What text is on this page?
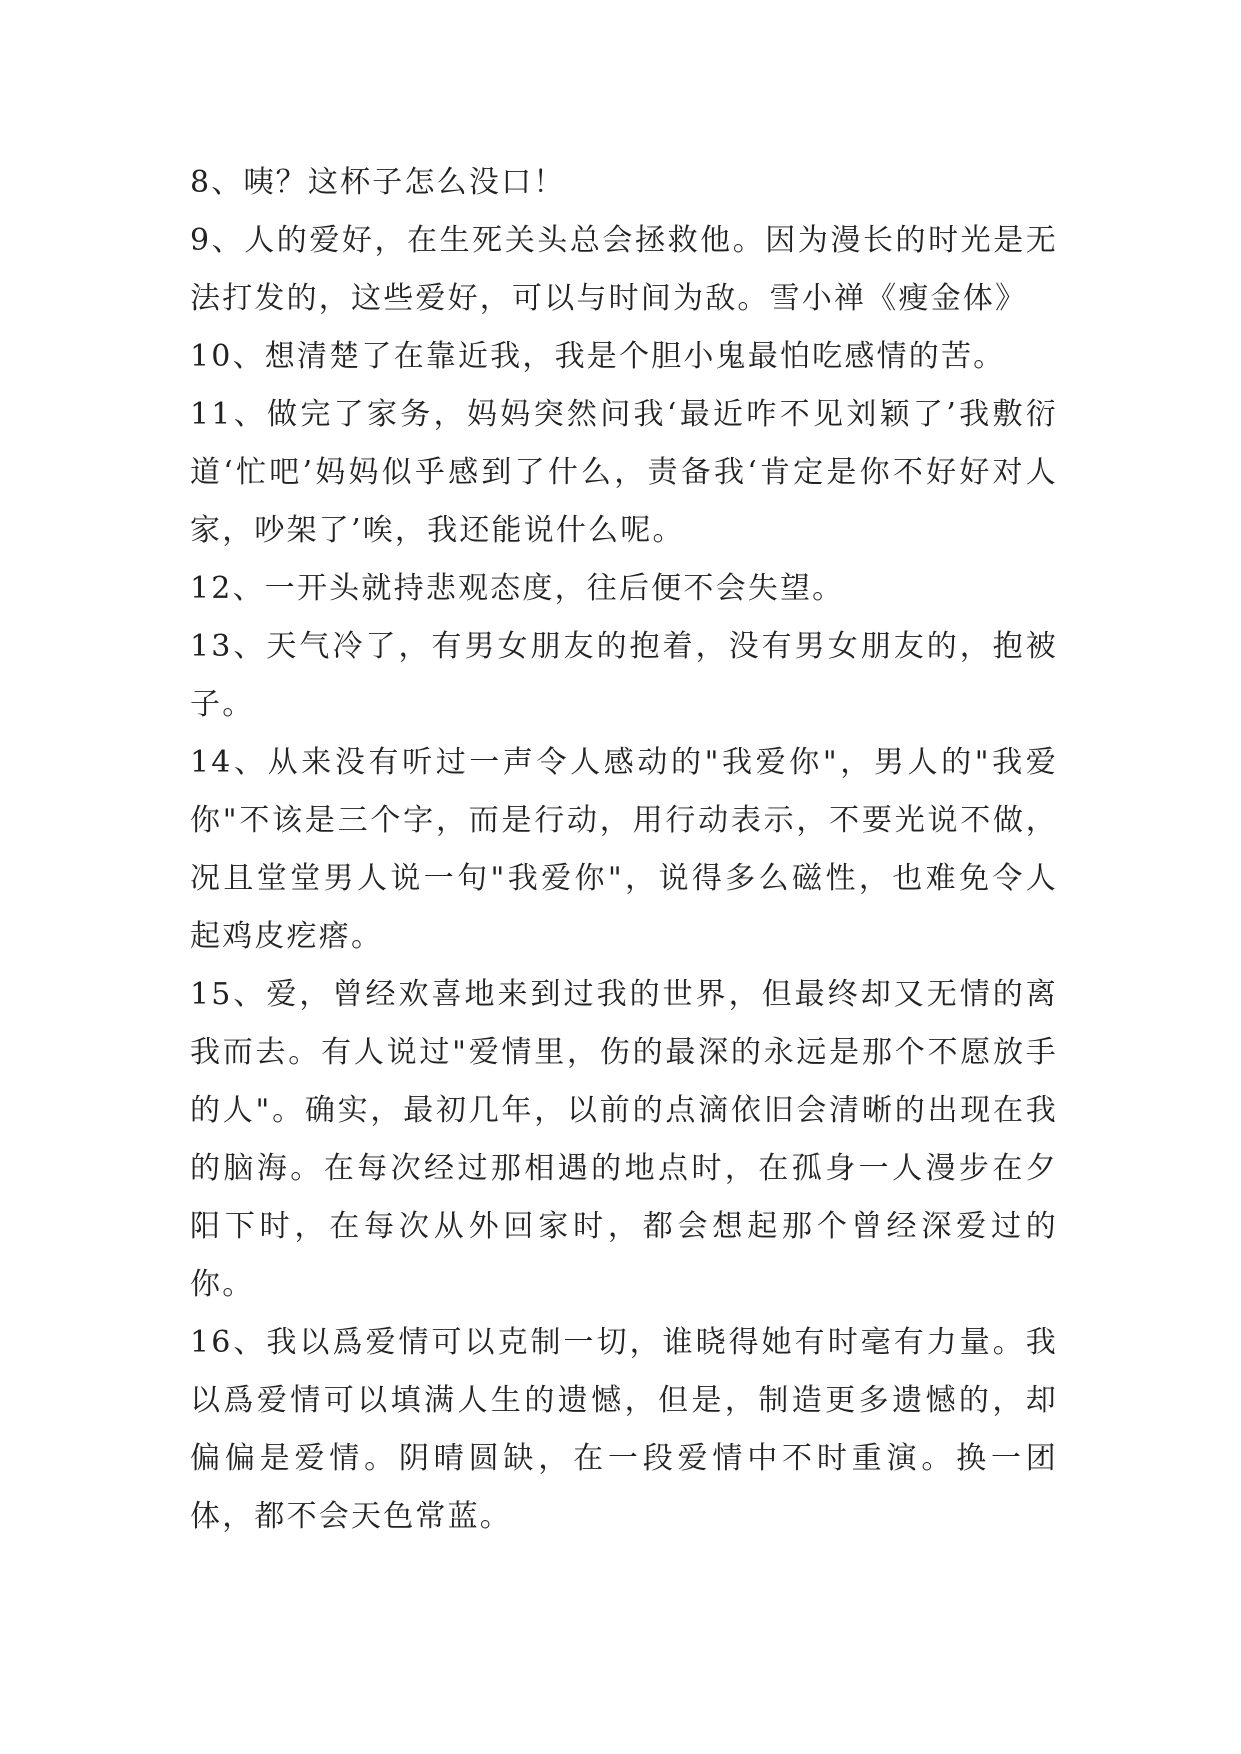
8、咦？这杯子怎么没口！

9、人的爱好，在生死关头总会拯救他。因为漫长的时光是无法打发的，这些爱好，可以与时间为敌。雪小禅《瘦金体》

10、想清楚了在靠近我，我是个胆小鬼最怕吃感情的苦。

11、做完了家务，妈妈突然问我‘最近咋不见刘颖了’我敷衍道‘忙吧’妈妈似乎感到了什么，责备我‘肯定是你不好好对人家，吵架了’唉，我还能说什么呢。

12、一开头就持悲观态度，往后便不会失望。

13、天气冷了，有男女朋友的抱着，没有男女朋友的，抱被子。

14、从来没有听过一声令人感动的"我爱你"，男人的"我爱你"不该是三个字，而是行动，用行动表示，不要光说不做，况且堂堂男人说一句"我爱你"，说得多么磁性，也难免令人起鸡皮疙瘩。

15、爱，曾经欢喜地来到过我的世界，但最终却又无情的离我而去。有人说过"爱情里，伤的最深的永远是那个不愿放手的人"。确实，最初几年，以前的点滴依旧会清晰的出现在我的脑海。在每次经过那相遇的地点时，在孤身一人漫步在夕阳下时，在每次从外回家时，都会想起那个曾经深爱过的你。

16、我以爲爱情可以克制一切，谁晓得她有时毫有力量。我以爲爱情可以填满人生的遗憾，但是，制造更多遗憾的，却偏偏是爱情。阴晴圆缺，在一段爱情中不时重演。换一团体，都不会天色常蓝。
